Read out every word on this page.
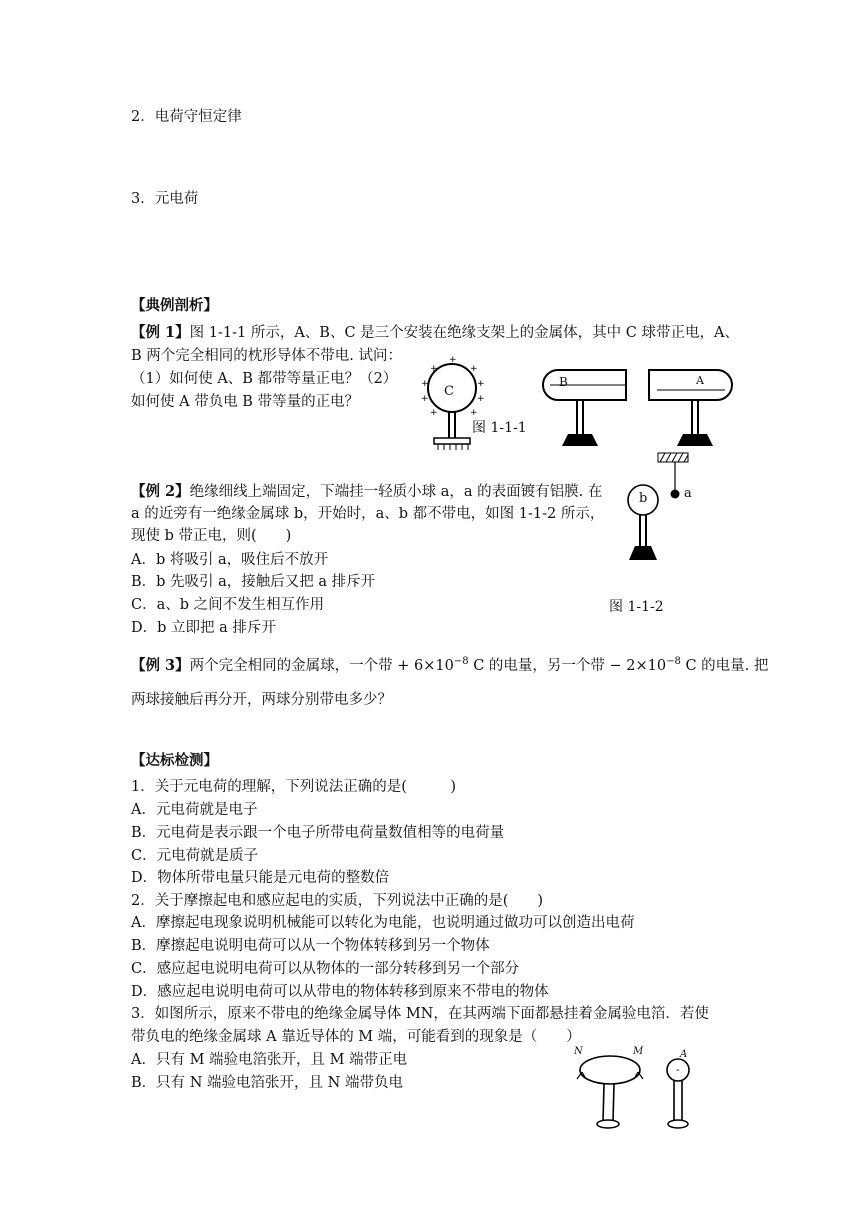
2．电荷守恒定律
3．元电荷
【典例剖析】
【例 1】图 1-1-1 所示，A、B、C 是三个安装在绝缘支架上的金属体，其中 C 球带正电，A、
B 两个完全相同的枕形导体不带电. 试问：
（1）如何使 A、B 都带等量正电？（2）
如何使 A 带负电 B 带等量的正电？
+
+	+
+	+
+	+
+	+
C
图 1-1-1
B	A
【例 2】绝缘细线上端固定，下端挂一轻质小球 a，a 的表面镀有铝膜. 在
a 的近旁有一绝缘金属球 b，开始时，a、b 都不带电，如图 1-1-2 所示，
现使 b 带正电，则(　　)
A．b 将吸引 a，吸住后不放开
B．b 先吸引 a，接触后又把 a 排斥开
C．a、b 之间不发生相互作用
D．b 立即把 a 排斥开
b	a
图 1-1-2
【例 3】两个完全相同的金属球，一个带 + $6\times 10^{-8}$ C 的电量，另一个带 − $2\times 10^{-8}$ C 的电量. 把
两球接触后再分开，两球分别带电多少？
【达标检测】
1．关于元电荷的理解，下列说法正确的是(　　　)
A．元电荷就是电子
B．元电荷是表示跟一个电子所带电荷量数值相等的电荷量
C．元电荷就是质子
D．物体所带电量只能是元电荷的整数倍
2．关于摩擦起电和感应起电的实质，下列说法中正确的是(　　)
A．摩擦起电现象说明机械能可以转化为电能，也说明通过做功可以创造出电荷
B．摩擦起电说明电荷可以从一个物体转移到另一个物体
C．感应起电说明电荷可以从物体的一部分转移到另一个部分
D．感应起电说明电荷可以从带电的物体转移到原来不带电的物体
3．如图所示，原来不带电的绝缘金属导体 MN，在其两端下面都悬挂着金属验电箔．若使
带负电的绝缘金属球 A 靠近导体的 M 端，可能看到的现象是（　　）
A．只有 M 端验电箔张开，且 M 端带正电
B．只有 N 端验电箔张开，且 N 端带负电
N	M	A
-
